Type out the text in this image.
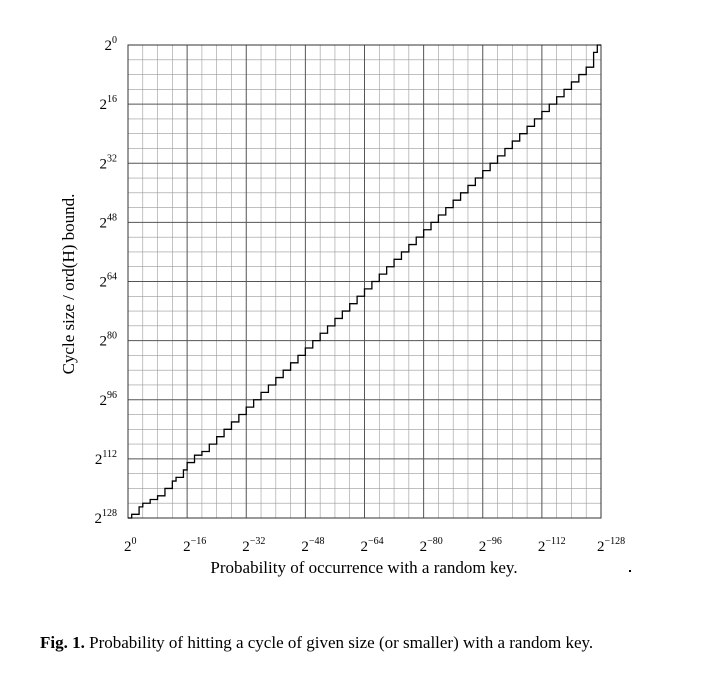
$2^0$	$2^{-16}$ $2^{-32}$ $2^{-48}$ $2^{-64}$ $2^{-80}$ $2^{-96}$ $2^{-112}$ $2^{-128}$
$2^0$
$2^{16}$
$2^{32}$
$2^{48}$
$2^{64}$
$2^{80}$
$2^{96}$
$2^{112}$
$2^{128}$
Probability of occurrence with a random key.
Cycle size / ord(H) bound.
Fig. 1. Probability of hitting a cycle of given size (or smaller) with a random key.
